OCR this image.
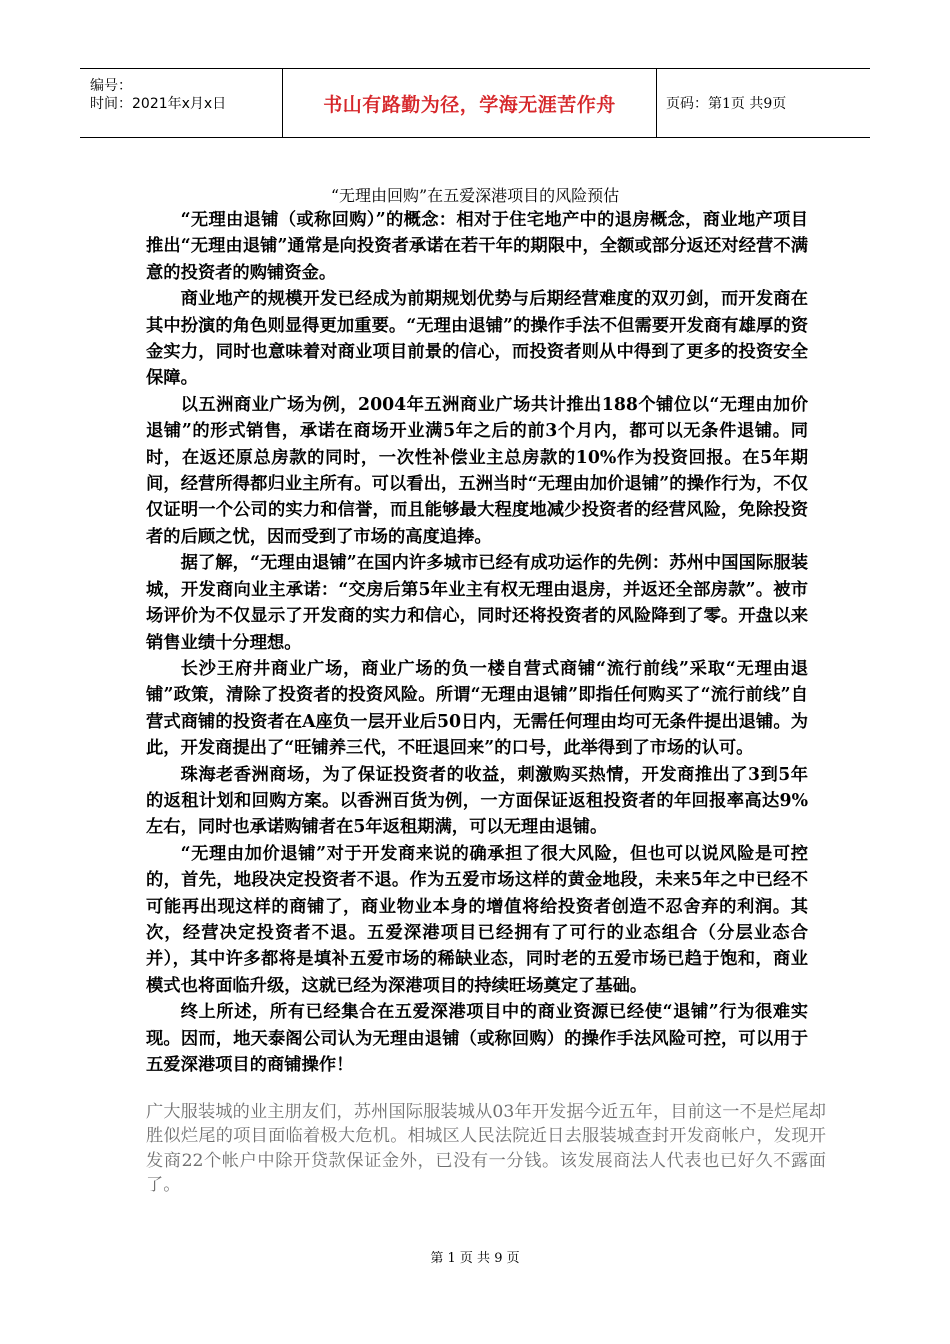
编号：
时间：2021年x月x日	书山有路勤为径，学海无涯苦作舟	页码：第1页 共9页
“无理由回购”在五爱深港项目的风险预估

“无理由退铺（或称回购）”的概念：相对于住宅地产中的退房概念，商业地产项目推出“无理由退铺”通常是向投资者承诺在若干年的期限中，全额或部分返还对经营不满意的投资者的购铺资金。

商业地产的规模开发已经成为前期规划优势与后期经营难度的双刃剑，而开发商在其中扮演的角色则显得更加重要。“无理由退铺”的操作手法不但需要开发商有雄厚的资金实力，同时也意味着对商业项目前景的信心，而投资者则从中得到了更多的投资安全保障。

以五洲商业广场为例，2004年五洲商业广场共计推出188个铺位以“无理由加价退铺”的形式销售，承诺在商场开业满5年之后的前3个月内，都可以无条件退铺。同时，在返还原总房款的同时，一次性补偿业主总房款的10%作为投资回报。在5年期间，经营所得都归业主所有。可以看出，五洲当时“无理由加价退铺”的操作行为，不仅仅证明一个公司的实力和信誉，而且能够最大程度地减少投资者的经营风险，免除投资者的后顾之忧，因而受到了市场的高度追捧。

据了解，“无理由退铺”在国内许多城市已经有成功运作的先例：苏州中国国际服装城，开发商向业主承诺：“交房后第5年业主有权无理由退房，并返还全部房款”。被市场评价为不仅显示了开发商的实力和信心，同时还将投资者的风险降到了零。开盘以来销售业绩十分理想。

长沙王府井商业广场，商业广场的负一楼自营式商铺“流行前线”采取“无理由退铺”政策，清除了投资者的投资风险。所谓“无理由退铺”即指任何购买了“流行前线”自营式商铺的投资者在A座负一层开业后50日内，无需任何理由均可无条件提出退铺。为此，开发商提出了“旺铺养三代，不旺退回来”的口号，此举得到了市场的认可。

珠海老香洲商场，为了保证投资者的收益，刺激购买热情，开发商推出了3到5年的返租计划和回购方案。以香洲百货为例，一方面保证返租投资者的年回报率高达9%左右，同时也承诺购铺者在5年返租期满，可以无理由退铺。

“无理由加价退铺”对于开发商来说的确承担了很大风险，但也可以说风险是可控的，首先，地段决定投资者不退。作为五爱市场这样的黄金地段，未来5年之中已经不可能再出现这样的商铺了，商业物业本身的增值将给投资者创造不忍舍弃的利润。其次，经营决定投资者不退。五爱深港项目已经拥有了可行的业态组合（分层业态合并），其中许多都将是填补五爱市场的稀缺业态，同时老的五爱市场已趋于饱和，商业模式也将面临升级，这就已经为深港项目的持续旺场奠定了基础。

终上所述，所有已经集合在五爱深港项目中的商业资源已经使“退铺”行为很难实现。因而，地天泰阁公司认为无理由退铺（或称回购）的操作手法风险可控，可以用于五爱深港项目的商铺操作！

广大服装城的业主朋友们，苏州国际服装城从03年开发据今近五年，目前这一不是烂尾却胜似烂尾的项目面临着极大危机。相城区人民法院近日去服装城查封开发商帐户，发现开发商22个帐户中除开贷款保证金外，已没有一分钱。该发展商法人代表也已好久不露面了。

第 1 页 共 9 页
